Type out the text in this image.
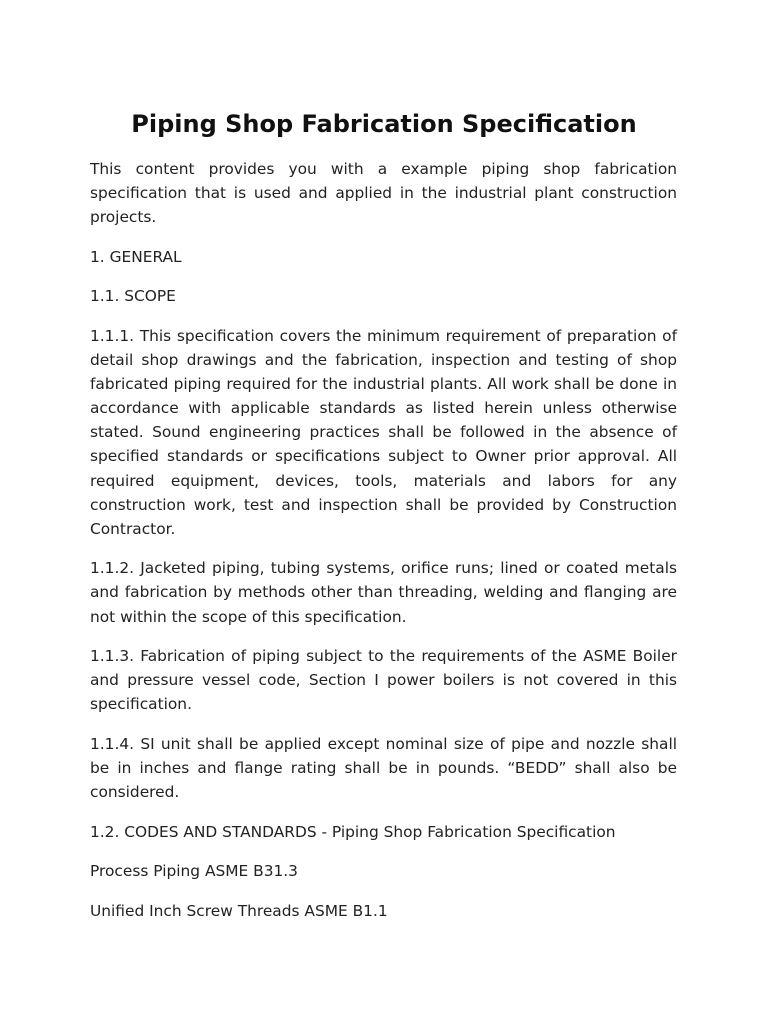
Piping Shop Fabrication Specification

This content provides you with a example piping shop fabrication specification that is used and applied in the industrial plant construction projects.

1. GENERAL

1.1. SCOPE

1.1.1. This specification covers the minimum requirement of preparation of detail shop drawings and the fabrication, inspection and testing of shop fabricated piping required for the industrial plants. All work shall be done in accordance with applicable standards as listed herein unless otherwise stated. Sound engineering practices shall be followed in the absence of specified standards or specifications subject to Owner prior approval. All required equipment, devices, tools, materials and labors for any construction work, test and inspection shall be provided by Construction Contractor.

1.1.2. Jacketed piping, tubing systems, orifice runs; lined or coated metals and fabrication by methods other than threading, welding and flanging are not within the scope of this specification.

1.1.3. Fabrication of piping subject to the requirements of the ASME Boiler and pressure vessel code, Section I power boilers is not covered in this specification.

1.1.4. SI unit shall be applied except nominal size of pipe and nozzle shall be in inches and flange rating shall be in pounds. “BEDD” shall also be considered.

1.2. CODES AND STANDARDS - Piping Shop Fabrication Specification

Process Piping ASME B31.3

Unified Inch Screw Threads ASME B1.1
